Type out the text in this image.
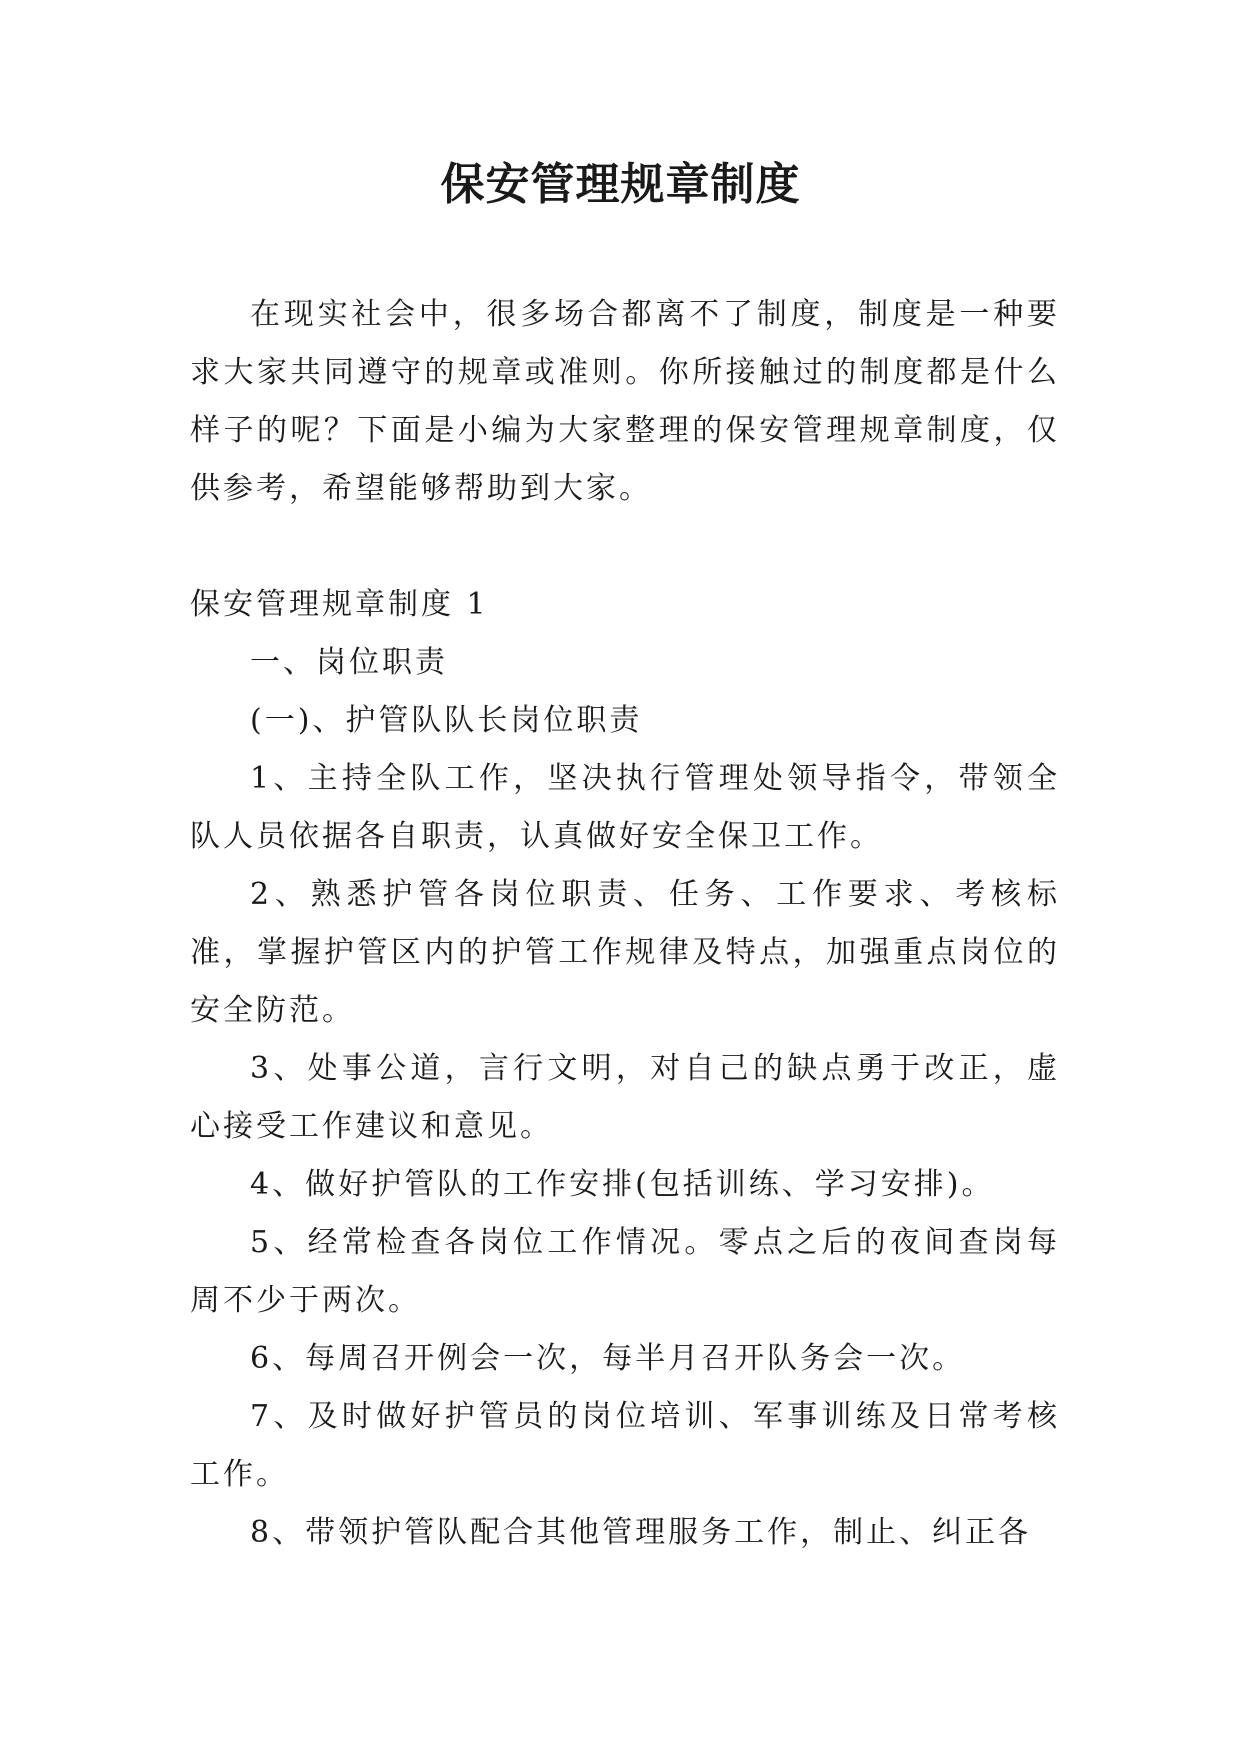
保安管理规章制度

在现实社会中，很多场合都离不了制度，制度是一种要求大家共同遵守的规章或准则。你所接触过的制度都是什么样子的呢？下面是小编为大家整理的保安管理规章制度，仅供参考，希望能够帮助到大家。

保安管理规章制度 1

一、岗位职责

(一)、护管队队长岗位职责

1、主持全队工作，坚决执行管理处领导指令，带领全队人员依据各自职责，认真做好安全保卫工作。

2、熟悉护管各岗位职责、任务、工作要求、考核标准，掌握护管区内的护管工作规律及特点，加强重点岗位的安全防范。

3、处事公道，言行文明，对自己的缺点勇于改正，虚心接受工作建议和意见。

4、做好护管队的工作安排(包括训练、学习安排)。

5、经常检查各岗位工作情况。零点之后的夜间查岗每周不少于两次。

6、每周召开例会一次，每半月召开队务会一次。

7、及时做好护管员的岗位培训、军事训练及日常考核工作。

8、带领护管队配合其他管理服务工作，制止、纠正各
